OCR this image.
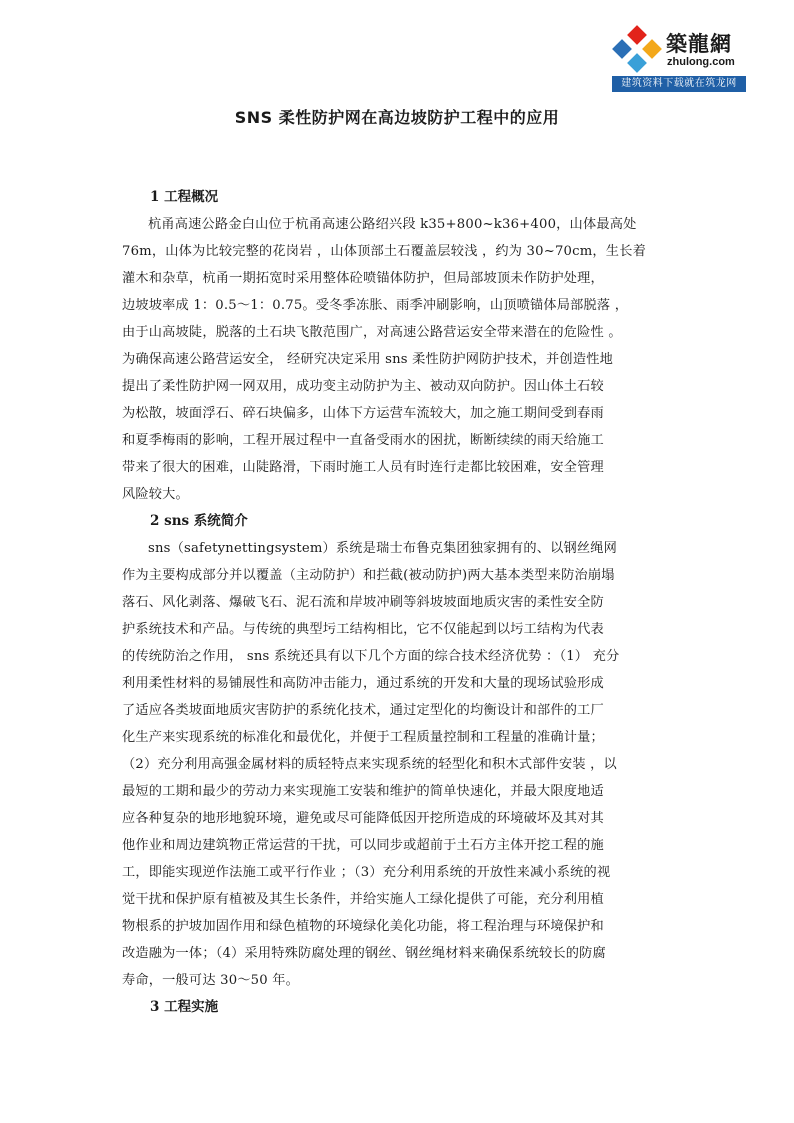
築龍網
zhulong.com
建筑资料下载就在筑龙网
SNS 柔性防护网在高边坡防护工程中的应用
1 工程概况
杭甬高速公路金白山位于杭甬高速公路绍兴段 k35+800~k36+400，山体最高处
76m，山体为比较完整的花岗岩 ，山体顶部土石覆盖层较浅 ，约为 30~70cm，生长着
灌木和杂草，杭甬一期拓宽时采用整体砼喷锚体防护，但局部坡顶未作防护处理，
边坡坡率成 1：0.5～1：0.75。受冬季冻胀、雨季冲刷影响，山顶喷锚体局部脱落 ，
由于山高坡陡，脱落的土石块飞散范围广，对高速公路营运安全带来潜在的危险性 。
为确保高速公路营运安全， 经研究决定采用 sns 柔性防护网防护技术，并创造性地
提出了柔性防护网一网双用，成功变主动防护为主、被动双向防护。因山体土石较
为松散，坡面浮石、碎石块偏多，山体下方运营车流较大，加之施工期间受到春雨
和夏季梅雨的影响，工程开展过程中一直备受雨水的困扰，断断续续的雨天给施工
带来了很大的困难，山陡路滑，下雨时施工人员有时连行走都比较困难，安全管理
风险较大。
2 sns 系统简介
sns（safetynettingsystem）系统是瑞士布鲁克集团独家拥有的、以钢丝绳网
作为主要构成部分并以覆盖（主动防护）和拦截(被动防护)两大基本类型来防治崩塌
落石、风化剥落、爆破飞石、泥石流和岸坡冲刷等斜坡坡面地质灾害的柔性安全防
护系统技术和产品。与传统的典型圬工结构相比，它不仅能起到以圬工结构为代表
的传统防治之作用， sns 系统还具有以下几个方面的综合技术经济优势 ：（1） 充分
利用柔性材料的易铺展性和高防冲击能力，通过系统的开发和大量的现场试验形成
了适应各类坡面地质灾害防护的系统化技术，通过定型化的均衡设计和部件的工厂
化生产来实现系统的标准化和最优化，并便于工程质量控制和工程量的准确计量；
（2）充分利用高强金属材料的质轻特点来实现系统的轻型化和积木式部件安装 ，以
最短的工期和最少的劳动力来实现施工安装和维护的简单快速化，并最大限度地适
应各种复杂的地形地貌环境，避免或尽可能降低因开挖所造成的环境破坏及其对其
他作业和周边建筑物正常运营的干扰，可以同步或超前于土石方主体开挖工程的施
工，即能实现逆作法施工或平行作业 ；（3）充分利用系统的开放性来减小系统的视
觉干扰和保护原有植被及其生长条件，并给实施人工绿化提供了可能，充分利用植
物根系的护坡加固作用和绿色植物的环境绿化美化功能，将工程治理与环境保护和
改造融为一体；（4）采用特殊防腐处理的钢丝、钢丝绳材料来确保系统较长的防腐
寿命，一般可达 30～50 年。
3 工程实施
